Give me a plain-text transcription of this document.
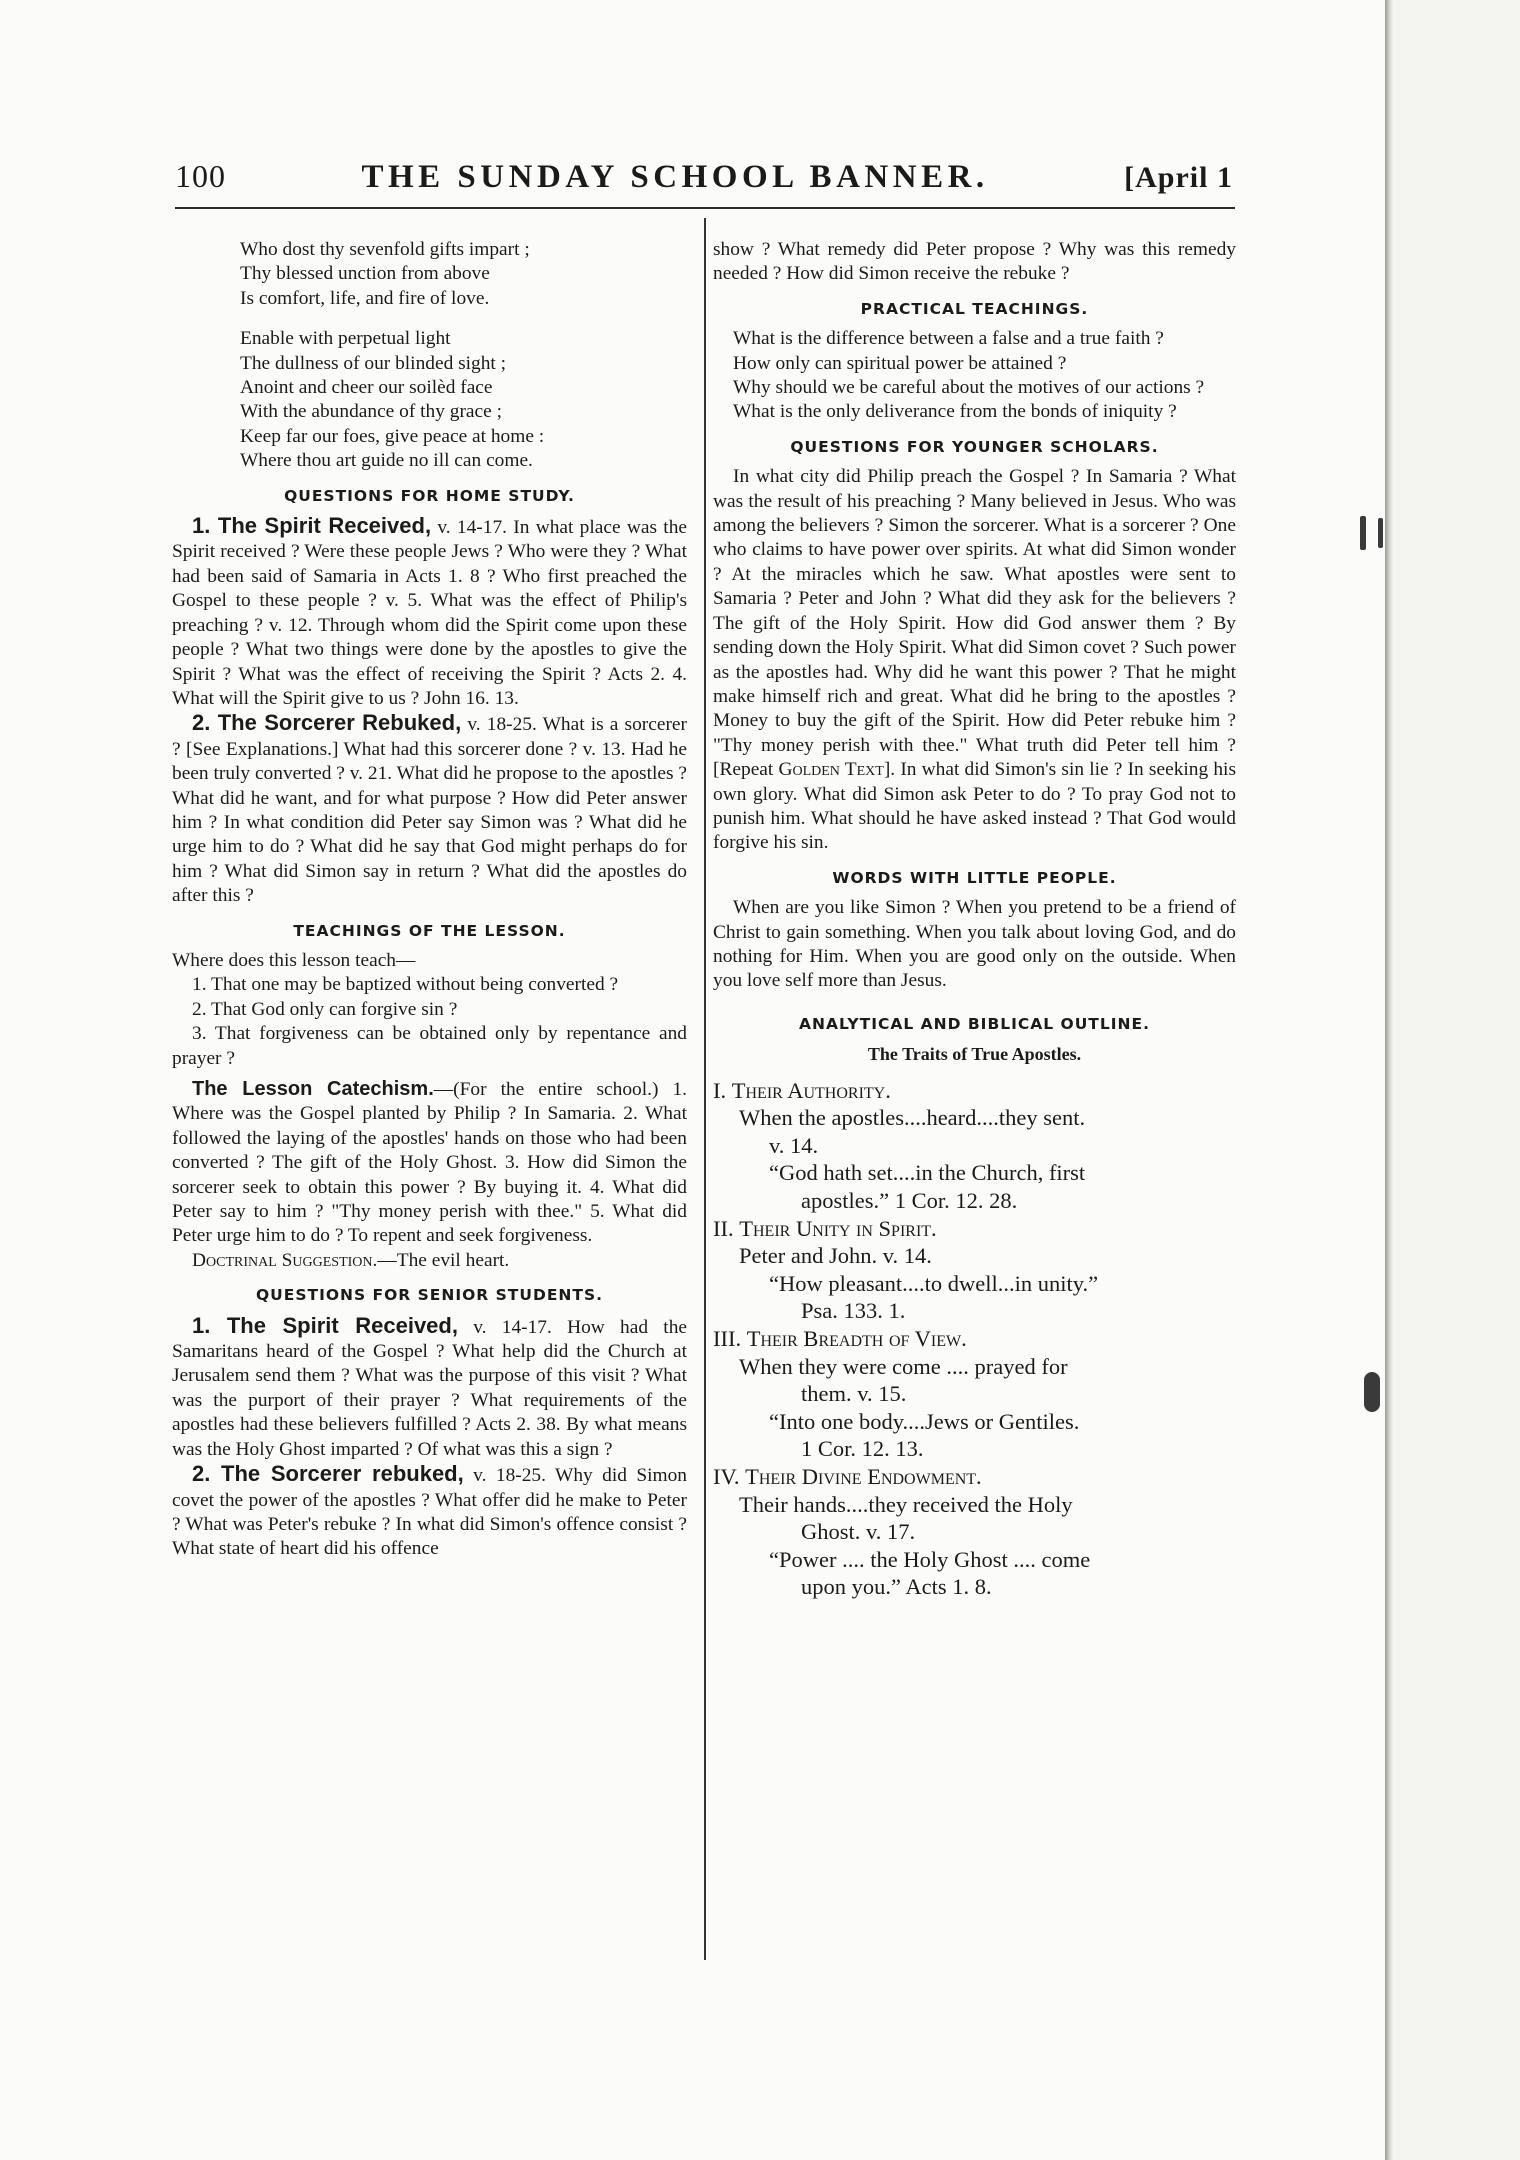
100	THE SUNDAY SCHOOL BANNER.	[April 1
Who dost thy sevenfold gifts impart ;
Thy blessed unction from above
Is comfort, life, and fire of love.
Enable with perpetual light
The dullness of our blinded sight ;
Anoint and cheer our soilèd face
With the abundance of thy grace ;
Keep far our foes, give peace at home :
Where thou art guide no ill can come.
QUESTIONS FOR HOME STUDY.

1. The Spirit Received, v. 14-17. In what place was the Spirit received ? Were these people Jews ? Who were they ? What had been said of Samaria in Acts 1. 8 ? Who first preached the Gospel to these people ? v. 5. What was the effect of Philip's preaching ? v. 12. Through whom did the Spirit come upon these people ? What two things were done by the apostles to give the Spirit ? What was the effect of receiving the Spirit ? Acts 2. 4. What will the Spirit give to us ? John 16. 13.

2. The Sorcerer Rebuked, v. 18-25. What is a sorcerer ? [See Explanations.] What had this sorcerer done ? v. 13. Had he been truly converted ? v. 21. What did he propose to the apostles ? What did he want, and for what purpose ? How did Peter answer him ? In what condition did Peter say Simon was ? What did he urge him to do ? What did he say that God might perhaps do for him ? What did Simon say in return ? What did the apostles do after this ?

TEACHINGS OF THE LESSON.

Where does this lesson teach—

1. That one may be baptized without being converted ?

2. That God only can forgive sin ?

3. That forgiveness can be obtained only by repentance and prayer ?

The Lesson Catechism.—(For the entire school.) 1. Where was the Gospel planted by Philip ? In Samaria. 2. What followed the laying of the apostles' hands on those who had been converted ? The gift of the Holy Ghost. 3. How did Simon the sorcerer seek to obtain this power ? By buying it. 4. What did Peter say to him ? "Thy money perish with thee." 5. What did Peter urge him to do ? To repent and seek forgiveness.

Doctrinal Suggestion.—The evil heart.

QUESTIONS FOR SENIOR STUDENTS.

1. The Spirit Received, v. 14-17. How had the Samaritans heard of the Gospel ? What help did the Church at Jerusalem send them ? What was the purpose of this visit ? What was the purport of their prayer ? What requirements of the apostles had these believers fulfilled ? Acts 2. 38. By what means was the Holy Ghost imparted ? Of what was this a sign ?

2. The Sorcerer rebuked, v. 18-25. Why did Simon covet the power of the apostles ? What offer did he make to Peter ? What was Peter's rebuke ? In what did Simon's offence consist ? What state of heart did his offence

show ? What remedy did Peter propose ? Why was this remedy needed ? How did Simon receive the rebuke ?

PRACTICAL TEACHINGS.

What is the difference between a false and a true faith ?

How only can spiritual power be attained ?

Why should we be careful about the motives of our actions ?

What is the only deliverance from the bonds of iniquity ?

QUESTIONS FOR YOUNGER SCHOLARS.

In what city did Philip preach the Gospel ? In Samaria ? What was the result of his preaching ? Many believed in Jesus. Who was among the believers ? Simon the sorcerer. What is a sorcerer ? One who claims to have power over spirits. At what did Simon wonder ? At the miracles which he saw. What apostles were sent to Samaria ? Peter and John ? What did they ask for the believers ? The gift of the Holy Spirit. How did God answer them ? By sending down the Holy Spirit. What did Simon covet ? Such power as the apostles had. Why did he want this power ? That he might make himself rich and great. What did he bring to the apostles ? Money to buy the gift of the Spirit. How did Peter rebuke him ? "Thy money perish with thee." What truth did Peter tell him ? [Repeat Golden Text]. In what did Simon's sin lie ? In seeking his own glory. What did Simon ask Peter to do ? To pray God not to punish him. What should he have asked instead ? That God would forgive his sin.

WORDS WITH LITTLE PEOPLE.

When are you like Simon ? When you pretend to be a friend of Christ to gain something. When you talk about loving God, and do nothing for Him. When you are good only on the outside. When you love self more than Jesus.

ANALYTICAL AND BIBLICAL OUTLINE.
The Traits of True Apostles.
I. Their Authority.
When the apostles....heard....they sent.
v. 14.
“God hath set....in the Church, first
apostles.” 1 Cor. 12. 28.
II. Their Unity in Spirit.
Peter and John. v. 14.
“How pleasant....to dwell...in unity.”
Psa. 133. 1.
III. Their Breadth of View.
When they were come .... prayed for
them. v. 15.
“Into one body....Jews or Gentiles.
1 Cor. 12. 13.
IV. Their Divine Endowment.
Their hands....they received the Holy
Ghost. v. 17.
“Power .... the Holy Ghost .... come
upon you.” Acts 1. 8.
